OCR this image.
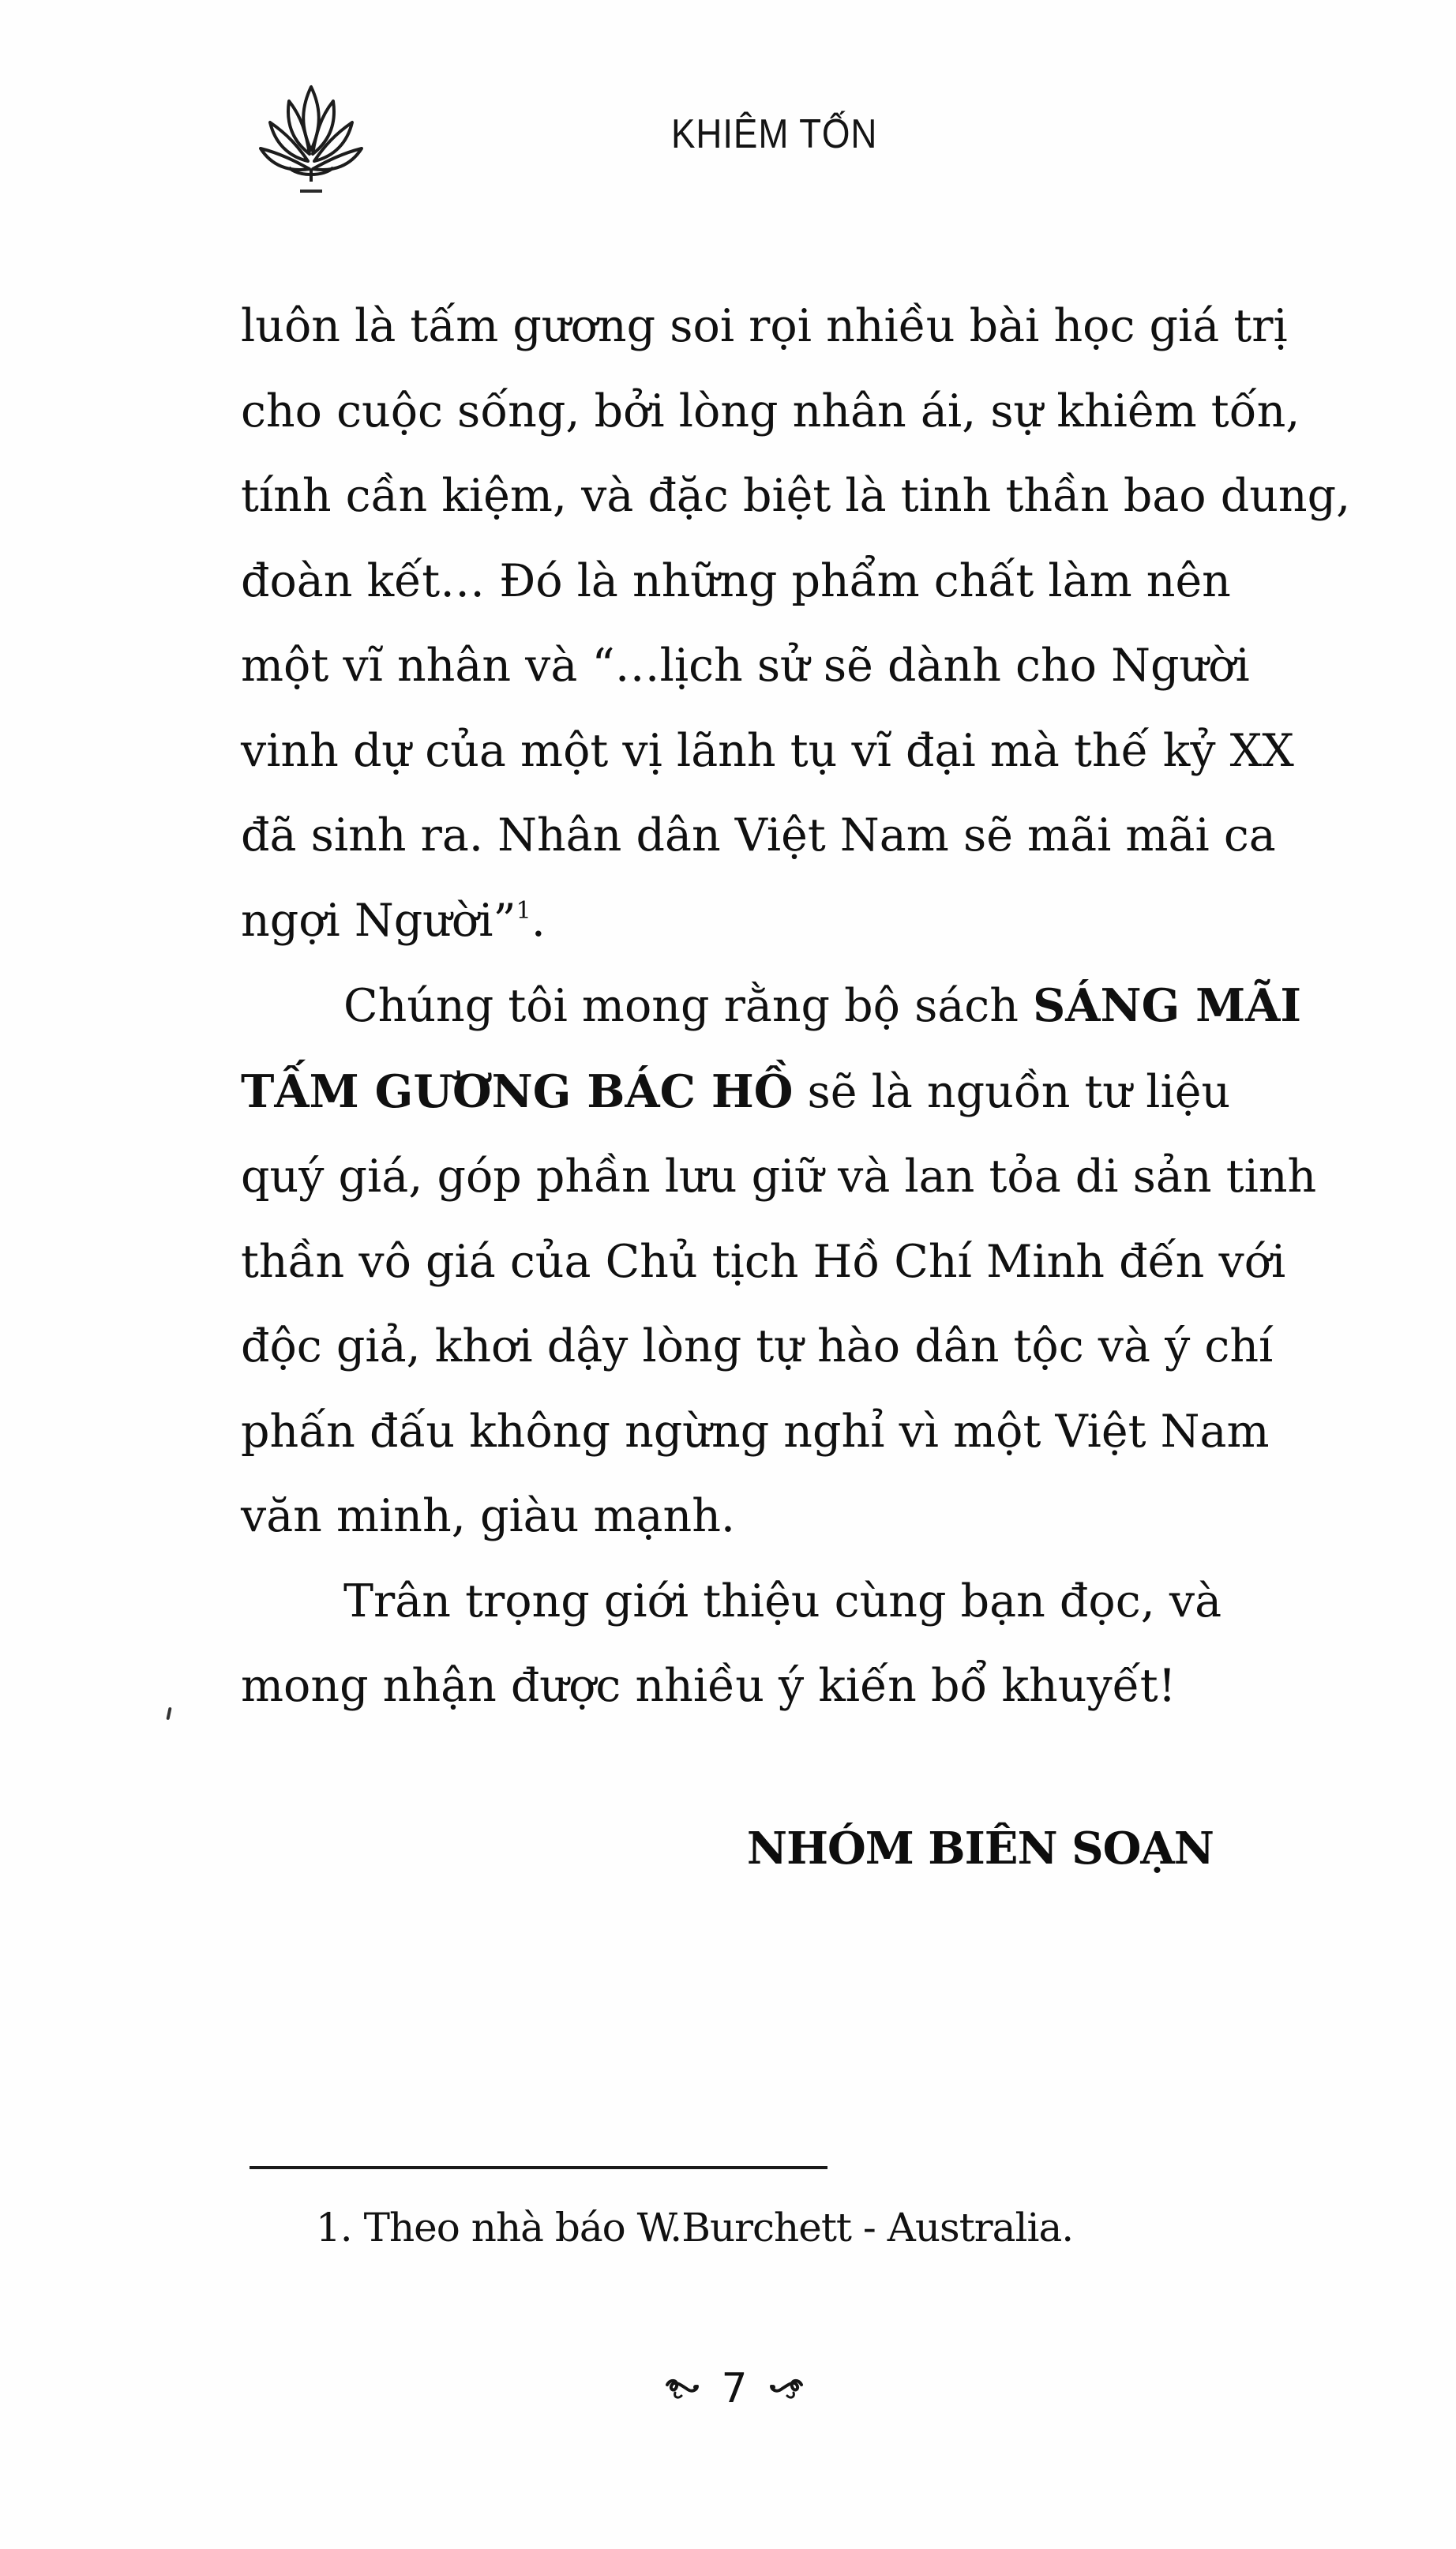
KHIÊM TỐN
luôn là tấm gương soi rọi nhiều bài học giá trị
cho cuộc sống, bởi lòng nhân ái, sự khiêm tốn,
tính cần kiệm, và đặc biệt là tinh thần bao dung,
đoàn kết… Đó là những phẩm chất làm nên
một vĩ nhân và “…lịch sử sẽ dành cho Người
vinh dự của một vị lãnh tụ vĩ đại mà thế kỷ XX
đã sinh ra. Nhân dân Việt Nam sẽ mãi mãi ca
ngợi Người”$^1$.
Chúng tôi mong rằng bộ sách SÁNG MÃI
TẤM GƯƠNG BÁC HỒ sẽ là nguồn tư liệu
quý giá, góp phần lưu giữ và lan tỏa di sản tinh
thần vô giá của Chủ tịch Hồ Chí Minh đến với
độc giả, khơi dậy lòng tự hào dân tộc và ý chí
phấn đấu không ngừng nghỉ vì một Việt Nam
văn minh, giàu mạnh.
Trân trọng giới thiệu cùng bạn đọc, và
mong nhận được nhiều ý kiến bổ khuyết!
NHÓM BIÊN SOẠN
1. Theo nhà báo W.Burchett - Australia.
7
